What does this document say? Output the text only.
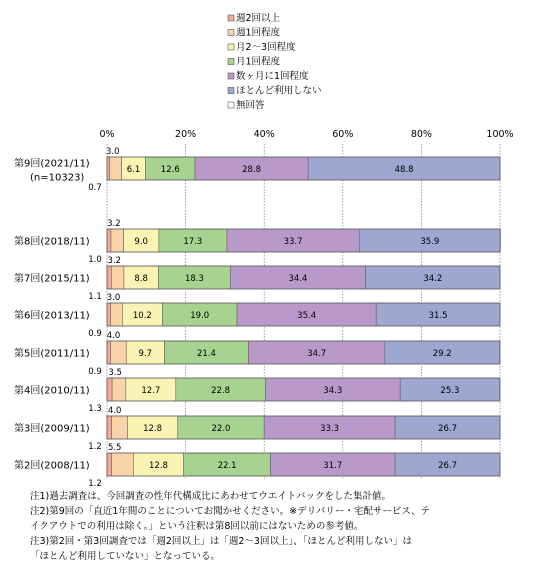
週2回以上
週1回程度
月2～3回程度
月1回程度
数ヶ月に1回程度
ほとんど利用しない
無回答
0%	20%	40%	60%	80%	100%
第9回(2021/11)
(n=10323)
0.7
3.0
6.1 12.6	28.8	48.8
第8回(2018/11)
1.0
3.2
9.0	17.3	33.7	35.9
第7回(2015/11)
1.1
3.2
8.8	18.3	34.4	34.2
第6回(2013/11)
0.9
3.0
10.2	19.0	35.4	31.5
第5回(2011/11)
0.9
4.0
9.7	21.4	34.7	29.2
第4回(2010/11)
1.3
3.5
12.7	22.8	34.3	25.3
第3回(2009/11)
1.2
4.0
12.8	22.0	33.3	26.7
第2回(2008/11)
1.2
5.5
12.8	22.1	31.7	26.7
注1)過去調査は、今回調査の性年代構成比にあわせてウエイトバックをした集計値。
注2)第9回の「直近1年間のことについてお聞かせください。※デリバリー・宅配サービス、テ
イクアウトでの利用は除く。」という注釈は第8回以前にはないための参考値。
注3)第2回・第3回調査では「週2回以上」は「週2～3回以上」、「ほとんど利用しない」は
「ほとんど利用していない」となっている。
